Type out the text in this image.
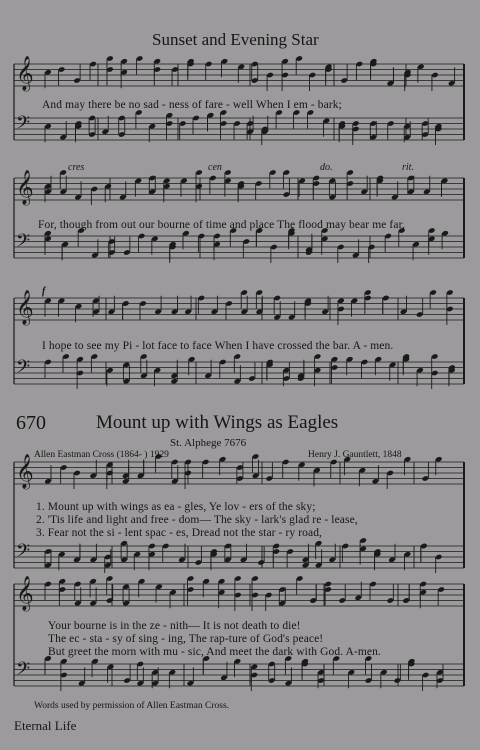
𝄞
𝄢
𝄞
𝄢
𝄞
𝄢
𝄞
𝄢
𝄞
𝄢
Sunset and Evening Star
cres	cen	do.	rit.
f
And may there be no sad - ness of fare - well When I em - bark;
For, though from out our bourne of time and place The flood may bear me far,
I hope to see my Pi - lot face to face When I have crossed the bar. A - men.
670	Mount up with Wings as Eagles
St. Alphege 7676
Allen Eastman Cross (1864- ) 1929	Henry J. Gauntlett, 1848
1. Mount up with wings as ea - gles, Ye lov - ers of the sky;
2. 'Tis life and light and free - dom— The sky - lark's glad re - lease,
3. Fear not the si - lent spac - es, Dread not the star - ry road,
Your bourne is in the ze - nith— It is not death to die!
The ec - sta - sy of sing - ing, The rap-ture of God's peace!
But greet the morn with mu - sic, And meet the dark with God. A-men.
Words used by permission of Allen Eastman Cross.
Eternal Life
